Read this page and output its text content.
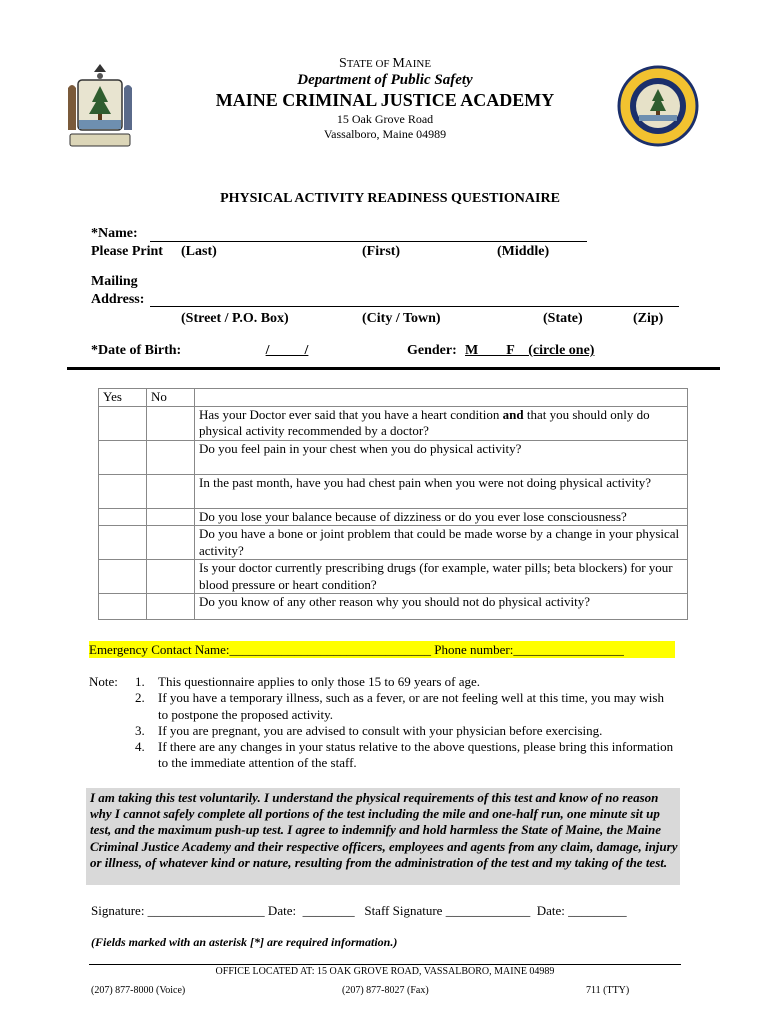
STATE OF MAINE
Department of Public Safety
MAINE CRIMINAL JUSTICE ACADEMY
15 Oak Grove Road
Vassalboro, Maine 04989
PHYSICAL ACTIVITY READINESS QUESTIONAIRE
*Name:
Please Print (Last)	(First)	(Middle)
Mailing
Address:
(Street / P.O. Box)	(City / Town)	(State)	(Zip)
*Date of Birth:	/          /	Gender: M        F    (circle one)
Yes	No	
		Has your Doctor ever said that you have a heart condition and that you should only do physical activity recommended by a doctor?
		Do you feel pain in your chest when you do physical activity?
		In the past month, have you had chest pain when you were not doing physical activity?
		Do you lose your balance because of dizziness or do you ever lose consciousness?
		Do you have a bone or joint problem that could be made worse by a change in your physical activity?
		Is your doctor currently prescribing drugs (for example, water pills; beta blockers) for your blood pressure or heart condition?
		Do you know of any other reason why you should not do physical activity?
Emergency Contact Name:_______________________________ Phone number:_________________
Note: 1.	This questionnaire applies to only those 15 to 69 years of age.
2.	If you have a temporary illness, such as a fever, or are not feeling well at this time, you may wish to postpone the proposed activity.
3.	If you are pregnant, you are advised to consult with your physician before exercising.
4.	If there are any changes in your status relative to the above questions, please bring this information to the immediate attention of the staff.
I am taking this test voluntarily. I understand the physical requirements of this test and know of no reason why I cannot safely complete all portions of the test including the mile and one-half run, one minute sit up test, and the maximum push-up test. I agree to indemnify and hold harmless the State of Maine, the Maine Criminal Justice Academy and their respective officers, employees and agents from any claim, damage, injury or illness, of whatever kind or nature, resulting from the administration of the test and my taking of the test.
Signature: __________________ Date:  ________   Staff Signature _____________  Date: _________
(Fields marked with an asterisk [*] are required information.)
OFFICE LOCATED AT: 15 OAK GROVE ROAD, VASSALBORO, MAINE 04989
(207) 877-8000 (Voice)	(207) 877-8027 (Fax)	711 (TTY)
